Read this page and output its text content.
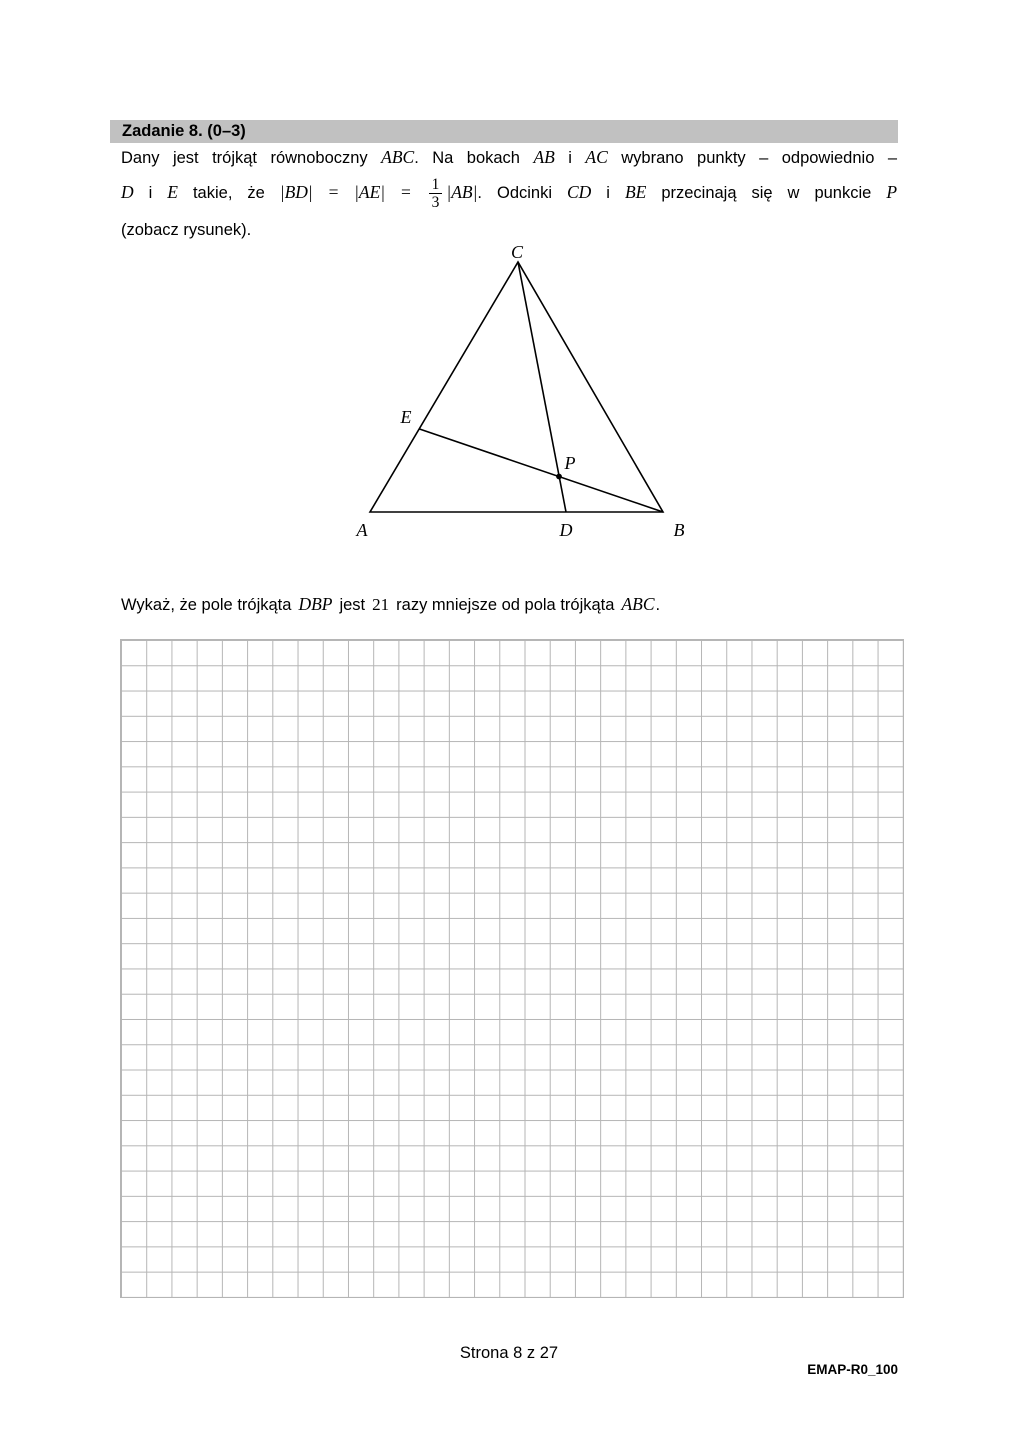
Zadanie 8. (0–3)
Dany jest trójkąt równoboczny ABC. Na bokach AB i AC wybrano punkty – odpowiednio –
D i E takie, że $|BD| = |AE| = \frac{1}{3} |AB|$. Odcinki CD i BE przecinają się w punkcie P
(zobacz rysunek).
C
E
P
A	D	B
Wykaż, że pole trójkąta DBP jest 21 razy mniejsze od pola trójkąta ABC.
Strona 8 z 27
EMAP-R0_100
